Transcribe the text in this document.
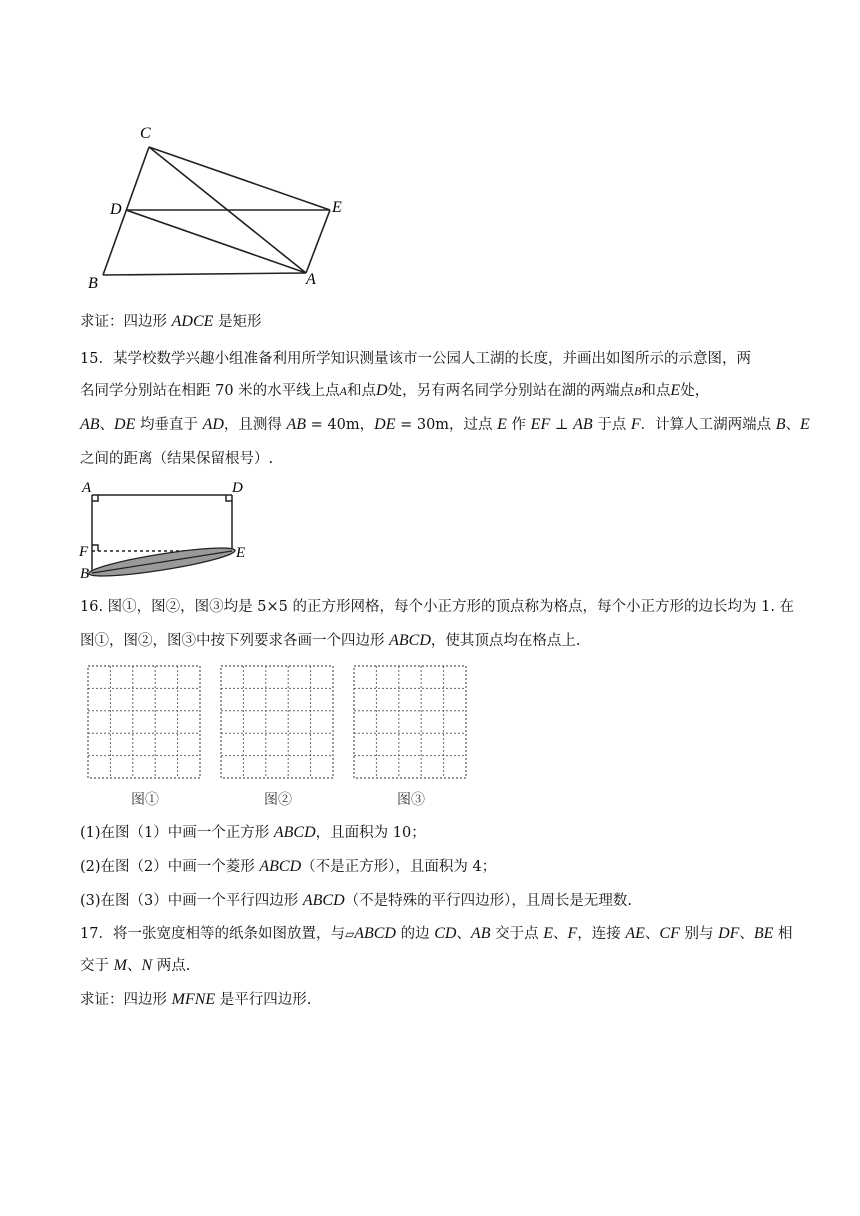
C
D	E
B	A
求证：四边形 ADCE 是矩形
15．某学校数学兴趣小组准备利用所学知识测量该市一公园人工湖的长度，并画出如图所示的示意图，两
名同学分别站在相距 70 米的水平线上点A和点D处，另有两名同学分别站在湖的两端点B和点E处，
AB、DE 均垂直于 AD，且测得 AB = 40m，DE = 30m，过点 E 作 EF ⊥ AB 于点 F．计算人工湖两端点 B、E
之间的距离（结果保留根号）.
A	D
F	E
B
16. 图①，图②，图③均是 5×5 的正方形网格，每个小正方形的顶点称为格点，每个小正方形的边长均为 1. 在
图①，图②，图③中按下列要求各画一个四边形 ABCD，使其顶点均在格点上.
图①	图②	图③
(1)在图（1）中画一个正方形 ABCD，且面积为 10；
(2)在图（2）中画一个菱形 ABCD（不是正方形），且面积为 4；
(3)在图（3）中画一个平行四边形 ABCD（不是特殊的平行四边形），且周长是无理数.
17．将一张宽度相等的纸条如图放置，与▱ABCD 的边 CD、AB 交于点 E、F，连接 AE、CF 别与 DF、BE 相
交于 M、N 两点.
求证：四边形 MFNE 是平行四边形.
